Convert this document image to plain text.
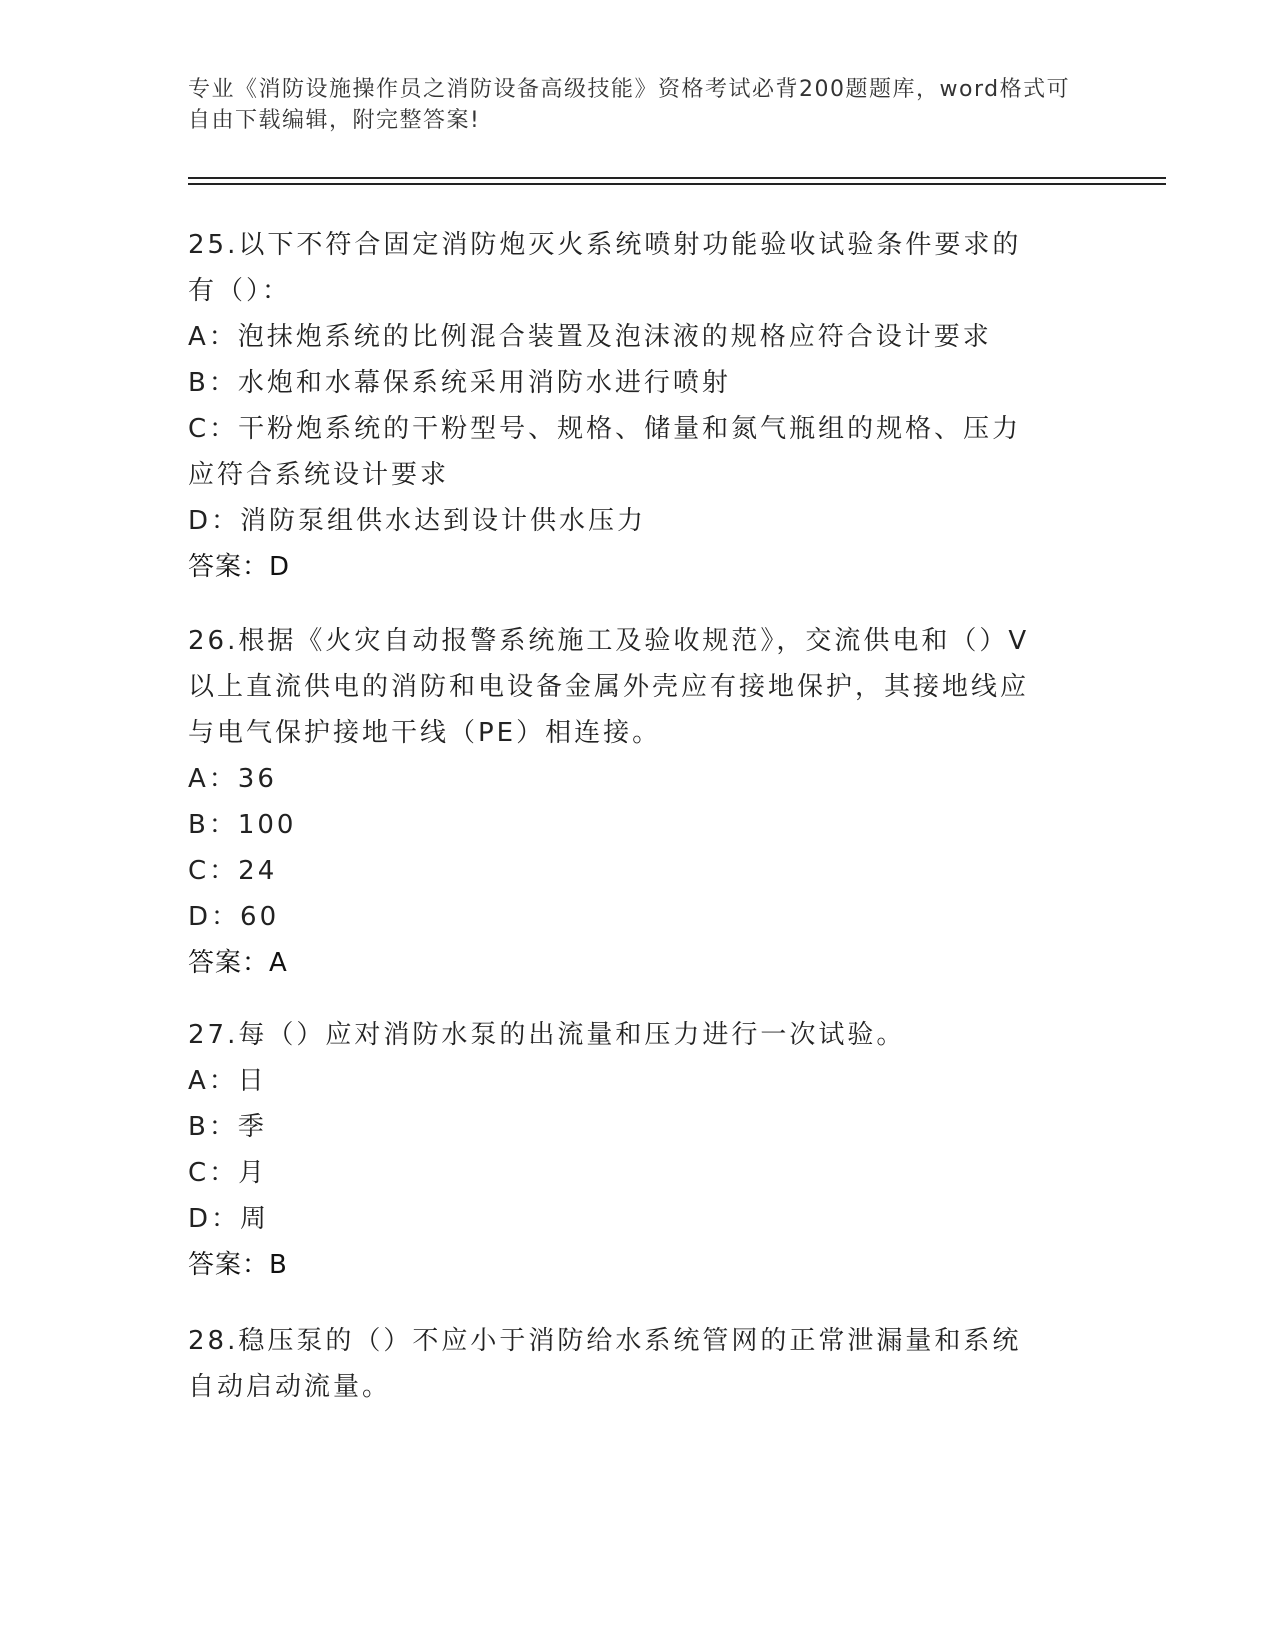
专业《消防设施操作员之消防设备高级技能》资格考试必背200题题库，word格式可自由下载编辑，附完整答案!
25.以下不符合固定消防炮灭火系统喷射功能验收试验条件要求的有（）：
A：泡抹炮系统的比例混合装置及泡沫液的规格应符合设计要求
B：水炮和水幕保系统采用消防水进行喷射
C：干粉炮系统的干粉型号、规格、储量和氮气瓶组的规格、压力应符合系统设计要求
D：消防泵组供水达到设计供水压力
答案：D
26.根据《火灾自动报警系统施工及验收规范》，交流供电和（）V以上直流供电的消防和电设备金属外壳应有接地保护，其接地线应与电气保护接地干线（PE）相连接。
A：36
B：100
C：24
D：60
答案：A
27.每（）应对消防水泵的出流量和压力进行一次试验。
A：日
B：季
C：月
D：周
答案：B
28.稳压泵的（）不应小于消防给水系统管网的正常泄漏量和系统自动启动流量。
